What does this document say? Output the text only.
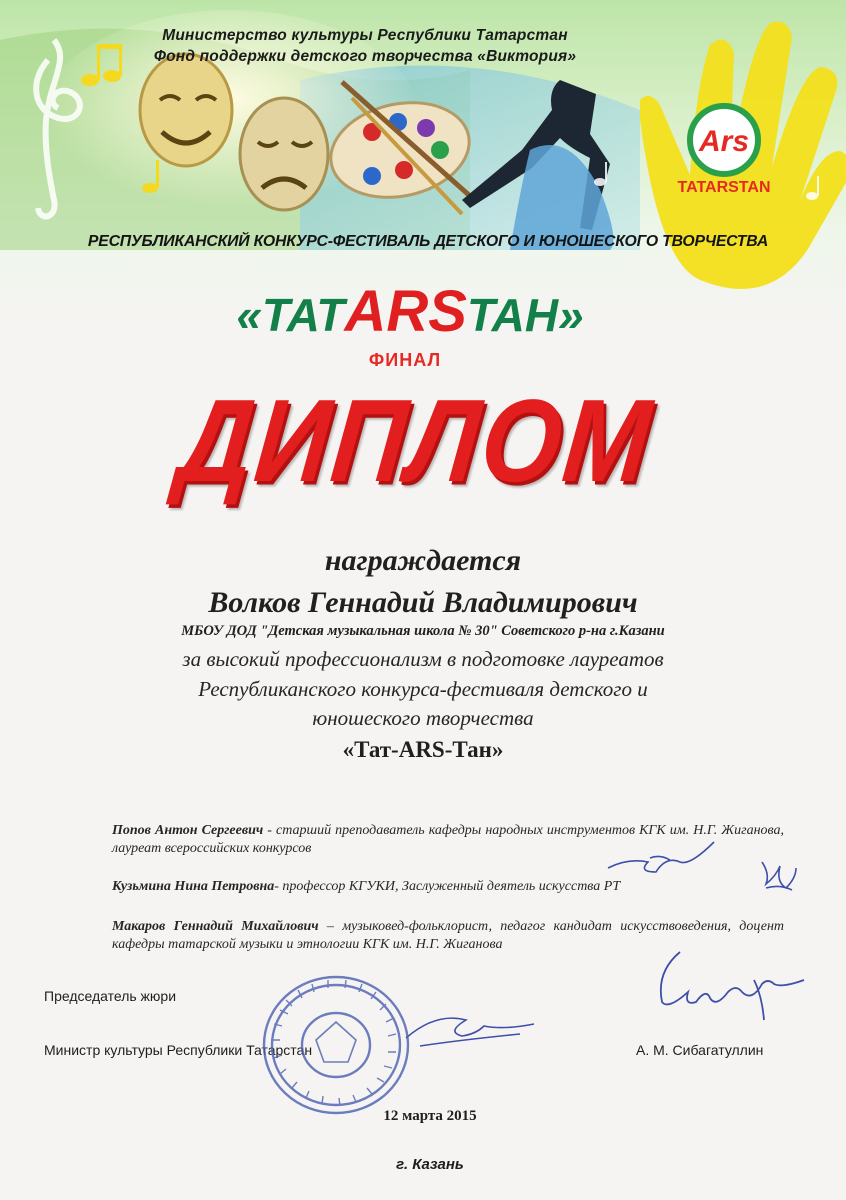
Ars
TATARSTAN
Министерство культуры Республики Татарстан
Фонд поддержки детского творчества «Виктория»
РЕСПУБЛИКАНСКИЙ КОНКУРС-ФЕСТИВАЛЬ ДЕТСКОГО И ЮНОШЕСКОГО ТВОРЧЕСТВА
«TATARSTAH»
ФИНАЛ
ДИПЛОМ
награждается
Волков Геннадий Владимирович
МБОУ ДОД "Детская музыкальная школа № 30" Советского р-на г.Казани
за высокий профессионализм в подготовке лауреатов
Республиканского конкурса-фестиваля детского и
юношеского творчества
«Тат-ARS-Тан»
Попов Антон Сергеевич - старший преподаватель кафедры народных инструментов КГК им. Н.Г. Жиганова, лауреат всероссийских конкурсов
Кузьмина Нина Петровна- профессор КГУКИ, Заслуженный деятель искусства РТ
Макаров Геннадий Михайлович – музыковед-фольклорист, педагог кандидат искусствоведения, доцент кафедры татарской музыки и этнологии КГК им. Н.Г. Жиганова
Председатель жюри
Министр культуры Республики Татарстан	А. М. Сибагатуллин
12 марта 2015
г. Казань
